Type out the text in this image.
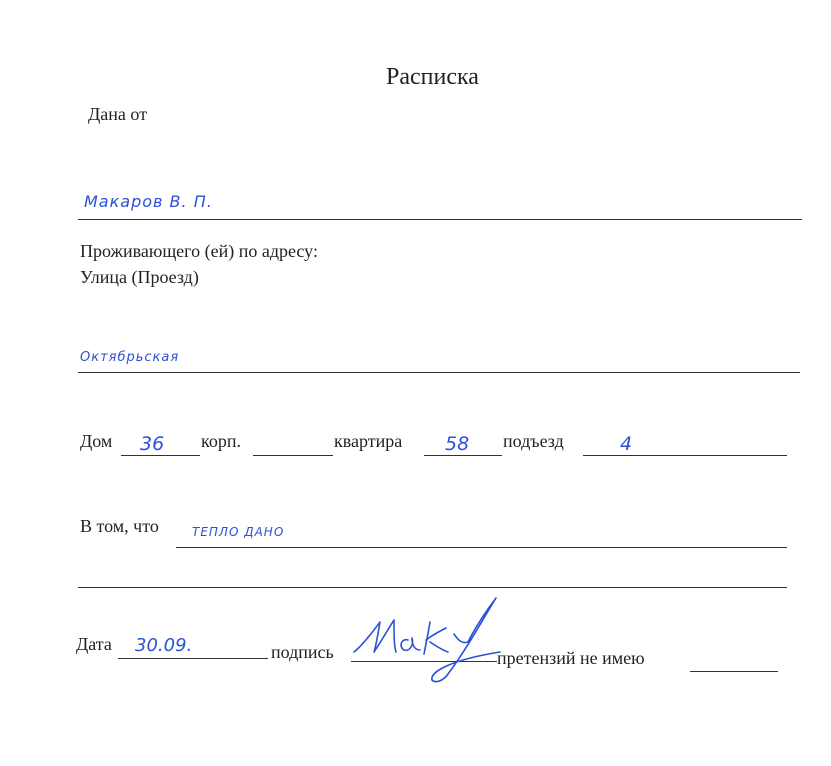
Расписка
Дана от
Макаров В. П.
Проживающего (ей) по адресу:
Улица (Проезд)
Октябрьская
Дом 36 корп.	квартира 58 подъезд	4
В том, что	ТЕПЛО ДАНО
Дата 30.09.	подпись	претензий не имею
